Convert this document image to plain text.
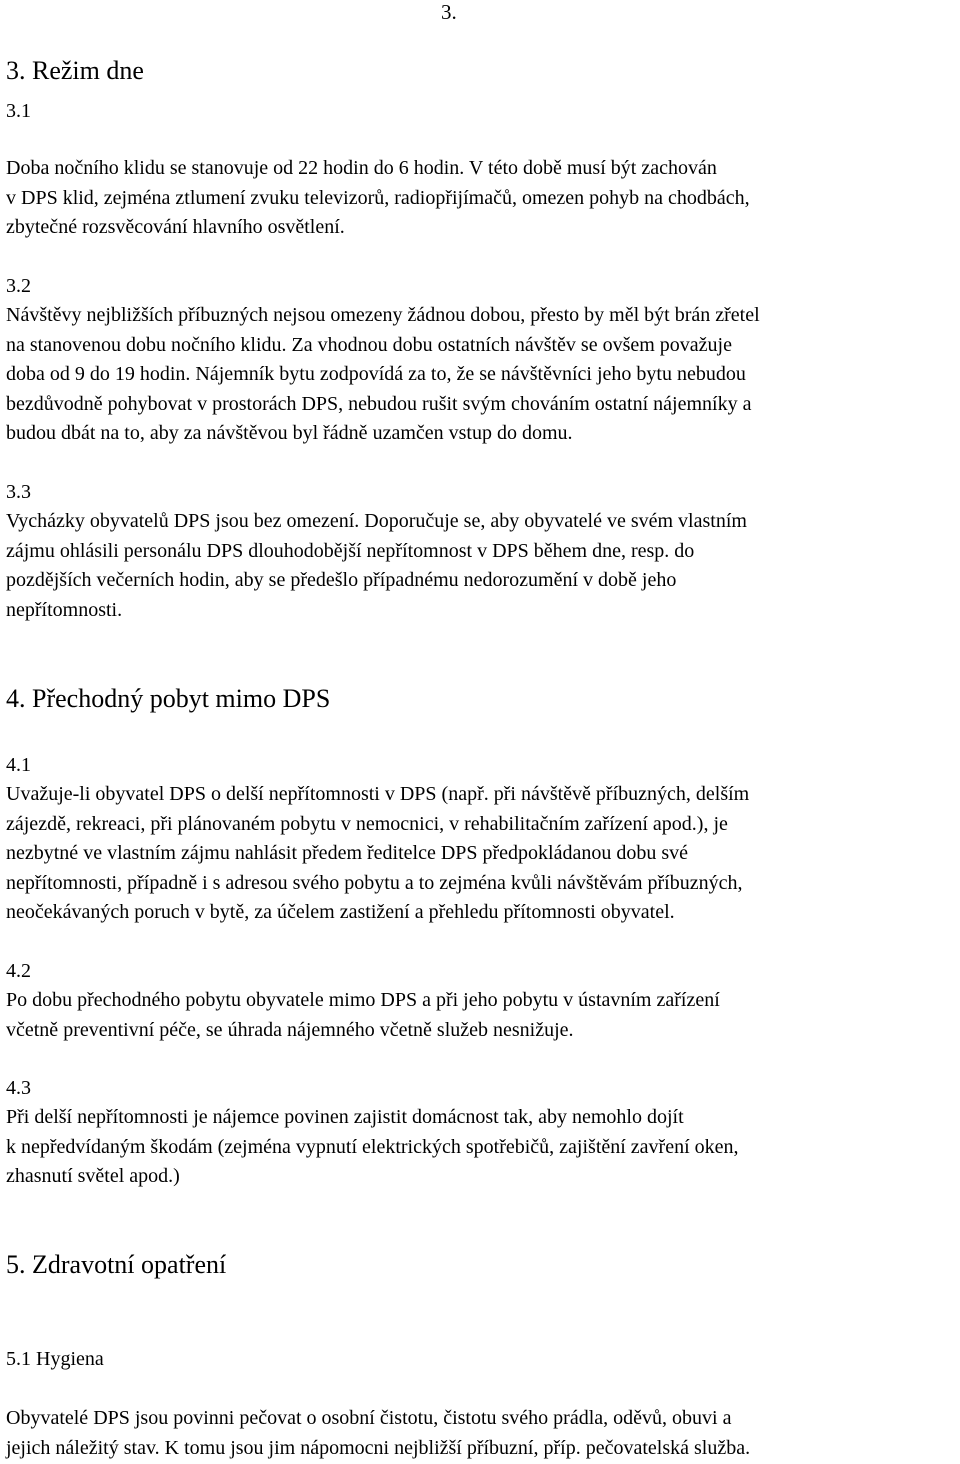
3.
3. Režim dne
3.1

Doba nočního klidu se stanovuje od 22 hodin do 6 hodin. V této době musí být zachován
v DPS klid, zejména ztlumení zvuku televizorů, radiopřijímačů, omezen pohyb na chodbách,
zbytečné rozsvěcování hlavního osvětlení.

3.2

Návštěvy nejbližších příbuzných nejsou omezeny žádnou dobou, přesto by měl být brán zřetel
na stanovenou dobu nočního klidu. Za vhodnou dobu ostatních návštěv se ovšem považuje
doba od 9 do 19 hodin. Nájemník bytu zodpovídá za to, že se návštěvníci jeho bytu nebudou
bezdůvodně pohybovat v prostorách DPS, nebudou rušit svým chováním ostatní nájemníky a
budou dbát na to, aby za návštěvou byl řádně uzamčen vstup do domu.

3.3

Vycházky obyvatelů DPS jsou bez omezení. Doporučuje se, aby obyvatelé ve svém vlastním
zájmu ohlásili personálu DPS dlouhodobější nepřítomnost v DPS během dne, resp. do
pozdějších večerních hodin, aby se předešlo případnému nedorozumění v době jeho
nepřítomnosti.

4. Přechodný pobyt mimo DPS
4.1

Uvažuje-li obyvatel DPS o delší nepřítomnosti v DPS (např. při návštěvě příbuzných, delším
zájezdě, rekreaci, při plánovaném pobytu v nemocnici, v rehabilitačním zařízení apod.), je
nezbytné ve vlastním zájmu nahlásit předem ředitelce DPS předpokládanou dobu své
nepřítomnosti, případně i s adresou svého pobytu a to zejména kvůli návštěvám příbuzných,
neočekávaných poruch v bytě, za účelem zastižení a přehledu přítomnosti obyvatel.

4.2

Po dobu přechodného pobytu obyvatele mimo DPS a při jeho pobytu v ústavním zařízení
včetně preventivní péče, se úhrada nájemného včetně služeb nesnižuje.

4.3

Při delší nepřítomnosti je nájemce povinen zajistit domácnost tak, aby nemohlo dojít
k nepředvídaným škodám (zejména vypnutí elektrických spotřebičů, zajištění zavření oken,
zhasnutí světel apod.)

5. Zdravotní opatření
5.1 Hygiena

Obyvatelé DPS jsou povinni pečovat o osobní čistotu, čistotu svého prádla, oděvů, obuvi a
jejich náležitý stav. K tomu jsou jim nápomocni nejbližší příbuzní, příp. pečovatelská služba.
